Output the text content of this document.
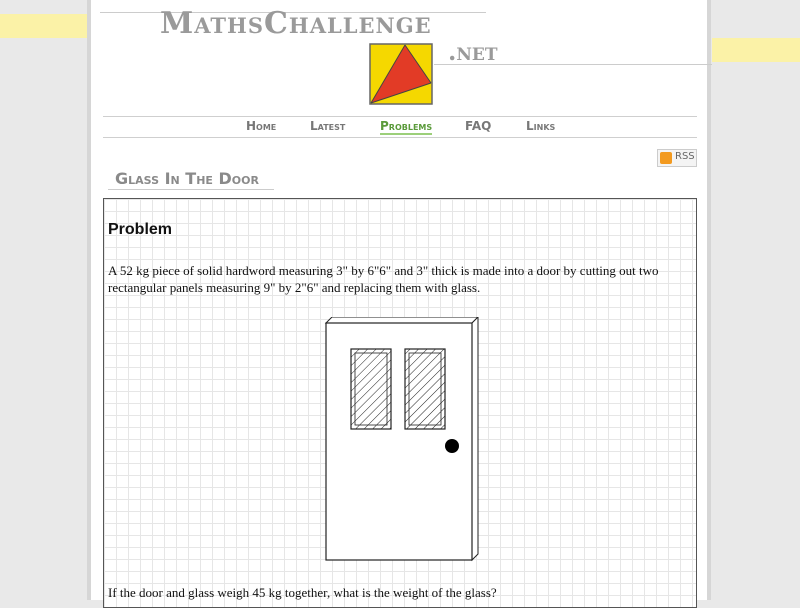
MathsChallenge
.net
Home	Latest	Problems	FAQ	Links
RSS
Glass In The Door
Problem
A 52 kg piece of solid hardword measuring 3" by 6"6" and 3" thick is made into a door by cutting out two rectangular panels measuring 9" by 2"6" and replacing them with glass.
If the door and glass weigh 45 kg together, what is the weight of the glass?
